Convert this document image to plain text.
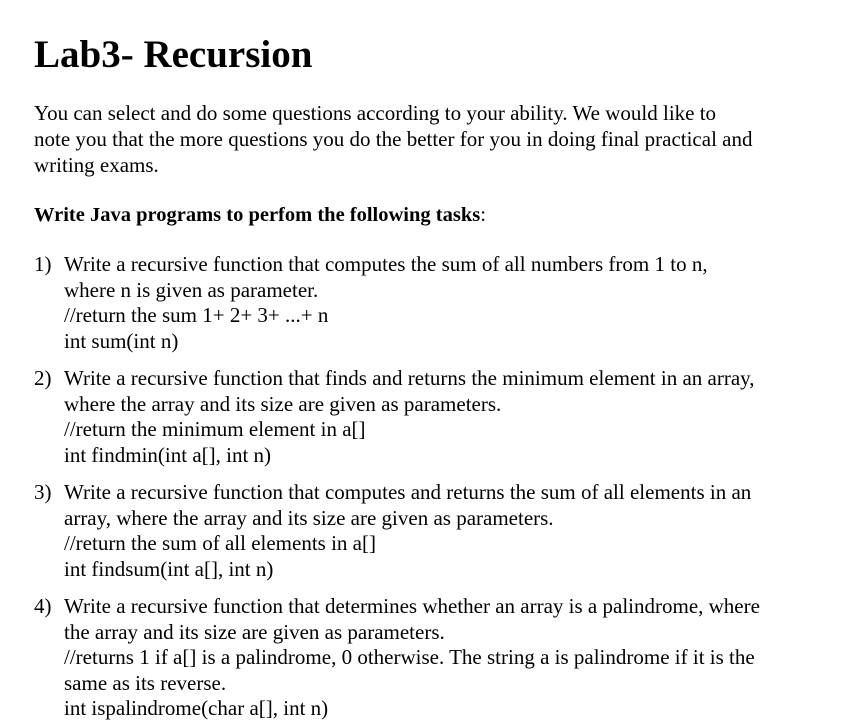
Lab3- Recursion

You can select and do some questions according to your ability. We would like to
note you that the more questions you do the better for you in doing final practical and
writing exams.

Write Java programs to perfom the following tasks:

1) Write a recursive function that computes the sum of all numbers from 1 to n,
where n is given as parameter.
//return the sum 1+ 2+ 3+ ...+ n
int sum(int n)
2) Write a recursive function that finds and returns the minimum element in an array,
where the array and its size are given as parameters.
//return the minimum element in a[]
int findmin(int a[], int n)
3) Write a recursive function that computes and returns the sum of all elements in an
array, where the array and its size are given as parameters.
//return the sum of all elements in a[]
int findsum(int a[], int n)
4) Write a recursive function that determines whether an array is a palindrome, where
the array and its size are given as parameters.
//returns 1 if a[] is a palindrome, 0 otherwise. The string a is palindrome if it is the
same as its reverse.
int ispalindrome(char a[], int n)
